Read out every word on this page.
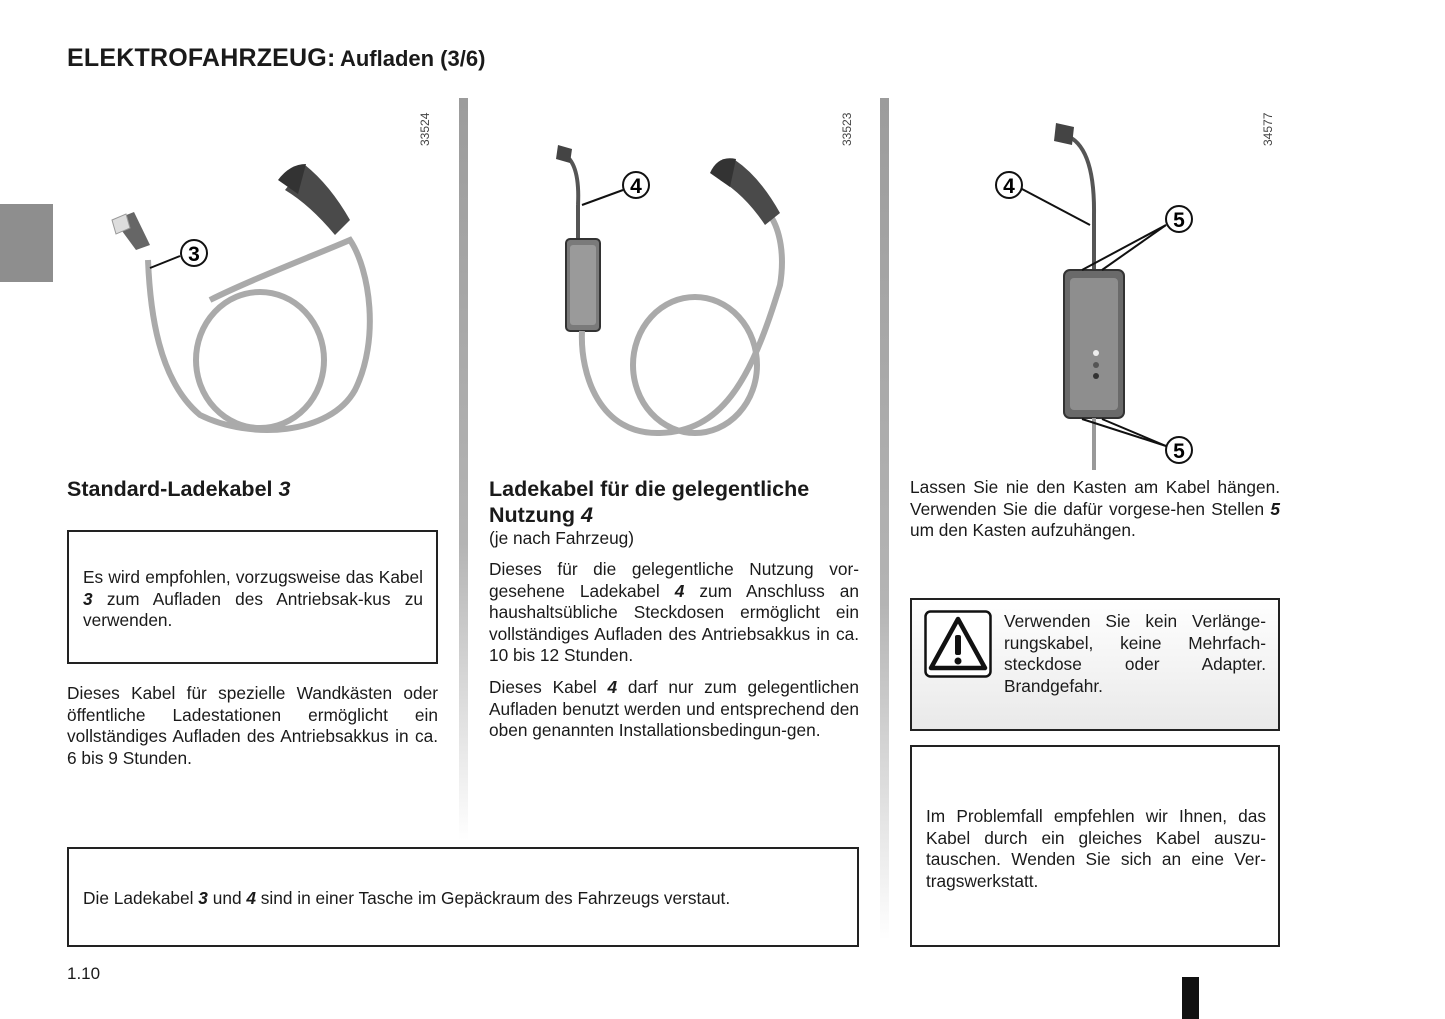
ELEKTROFAHRZEUG: Aufladen (3/6)
33524
3
33523
4
34577
4
5
5
Standard-Ladekabel 3
Es wird empfohlen, vorzugsweise das Kabel 3 zum Aufladen des Antriebsak-kus zu verwenden.
Dieses Kabel für spezielle Wandkästen oder öffentliche Ladestationen ermöglicht ein vollständiges Aufladen des Antriebsakkus in ca. 6 bis 9 Stunden.
Ladekabel für die gelegentliche Nutzung 4
(je nach Fahrzeug)
Dieses für die gelegentliche Nutzung vor-gesehene Ladekabel 4 zum Anschluss an haushaltsübliche Steckdosen ermöglicht ein vollständiges Aufladen des Antriebsakkus in ca. 10 bis 12 Stunden.
Dieses Kabel 4 darf nur zum gelegentlichen Aufladen benutzt werden und entsprechend den oben genannten Installationsbedingun-gen.
Lassen Sie nie den Kasten am Kabel hängen. Verwenden Sie die dafür vorgese-hen Stellen 5 um den Kasten aufzuhängen.
Verwenden Sie kein Verlänge-rungskabel, keine Mehrfach-steckdose oder Adapter. Brandgefahr.
Im Problemfall empfehlen wir Ihnen, das Kabel durch ein gleiches Kabel auszu-tauschen. Wenden Sie sich an eine Ver-tragswerkstatt.
Die Ladekabel 3 und 4 sind in einer Tasche im Gepäckraum des Fahrzeugs verstaut.
1.10
